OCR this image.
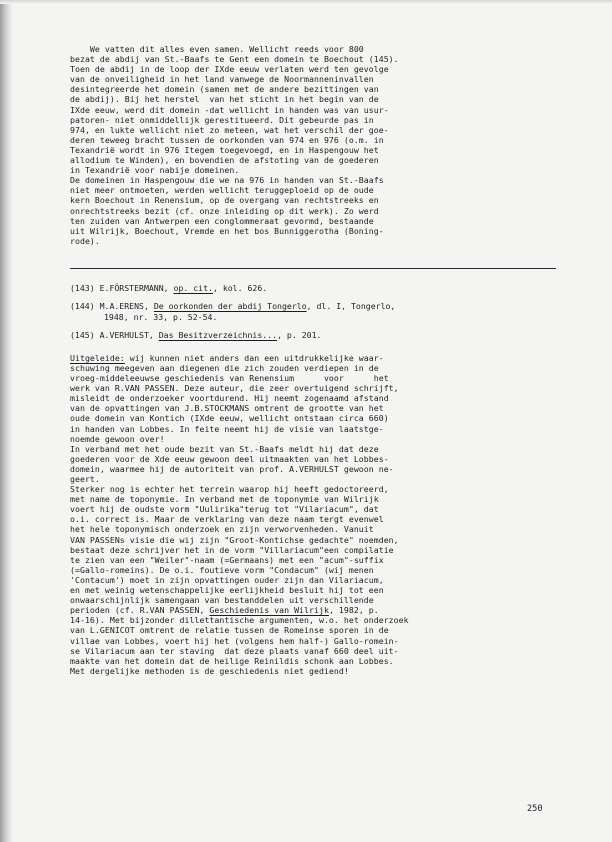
We vatten dit alles even samen. Wellicht reeds voor 800

bezat de abdij van St.-Baafs te Gent een domein te Boechout (145).

Toen de abdij in de loop der IXde eeuw verlaten werd ten gevolge

van de onveiligheid in het land vanwege de Noormanneninvallen

desintegreerde het domein (samen met de andere bezittingen van

de abdij). Bij het herstel  van het sticht in het begin van de

IXde eeuw, werd dit domein -dat wellicht in handen was van usur-

patoren- niet onmiddellijk gerestitueerd. Dit gebeurde pas in

974, en lukte wellicht niet zo meteen, wat het verschil der goe-

deren teweeg bracht tussen de oorkonden van 974 en 976 (o.m. in

Texandrië wordt in 976 Itegem toegevoegd, en in Haspengouw het

allodium te Winden), en bovendien de afstoting van de goederen

in Texandrië voor nabije domeinen.

De domeinen in Haspengouw die we na 976 in handen van St.-Baafs

niet meer ontmoeten, werden wellicht teruggeploeid op de oude

kern Boechout in Renensium, op de overgang van rechtstreeks en

onrechtstreeks bezit (cf. onze inleiding op dit werk). Zo werd

ten zuiden van Antwerpen een conglommeraat gevormd, bestaande

uit Wilrijk, Boechout, Vremde en het bos Bunniggerotha (Boning-

rode).

(143) E.FÖRSTERMANN, op. cit., kol. 626.

(144) M.A.ERENS, De oorkonden der abdij Tongerlo, dl. I, Tongerlo,
1948, nr. 33, p. 52-54.

(145) A.VERHULST, Das Besitzverzeichnis..., p. 201.

Uitgeleide: wij kunnen niet anders dan een uitdrukkelijke waar-

schuwing meegeven aan diegenen die zich zouden verdiepen in de

vroeg-middeleeuwse geschiedenis van Renensium      voor      het

werk van R.VAN PASSEN. Deze auteur, die zeer overtuigend schrijft,

misleidt de onderzoeker voortdurend. Hij neemt zogenaamd afstand

van de opvattingen van J.B.STOCKMANS omtrent de grootte van het

oude domein van Kontich (IXde eeuw, wellicht ontstaan circa 660)

in handen van Lobbes. In feite neemt hij de visie van laatstge-

noemde gewoon over!

In verband met het oude bezit van St.-Baafs meldt hij dat deze

goederen voor de Xde eeuw gewoon deel uitmaakten van het Lobbes-

domein, waarmee hij de autoriteit van prof. A.VERHULST gewoon ne-

geert.

Sterker nog is echter het terrein waarop hij heeft gedoctoreerd,

met name de toponymie. In verband met de toponymie van Wilrijk

voert hij de oudste vorm "Uulirika"terug tot "Vilariacum", dat

o.i. correct is. Maar de verklaring van deze naam tergt evenwel

het hele toponymisch onderzoek en zijn verworvenheden. Vanuit

VAN PASSENs visie die wij zijn "Groot-Kontichse gedachte" noemden,

bestaat deze schrijver het in de vorm "Villariacum"een compilatie

te zien van een "Weiler"-naam (=Germaans) met een "acum"-suffix

(=Gallo-romeins). De o.i. foutieve vorm "Condacum" (wij menen

'Contacum') moet in zijn opvattingen ouder zijn dan Vilariacum,

en met weinig wetenschappelijke eerlijkheid besluit hij tot een

onwaarschijnlijk samengaan van bestanddelen uit verschillende

perioden (cf. R.VAN PASSEN, Geschiedenis van Wilrijk, 1982, p.

14-16). Met bijzonder dillettantische argumenten, w.o. het onderzoek

van L.GENICOT omtrent de relatie tussen de Romeinse sporen in de

villae van Lobbes, voert hij het (volgens hem half-) Gallo-romein-

se Vilariacum aan ter staving  dat deze plaats vanaf 660 deel uit-

maakte van het domein dat de heilige Reinildis schonk aan Lobbes.

Met dergelijke methoden is de geschiedenis niet gediend!

250
